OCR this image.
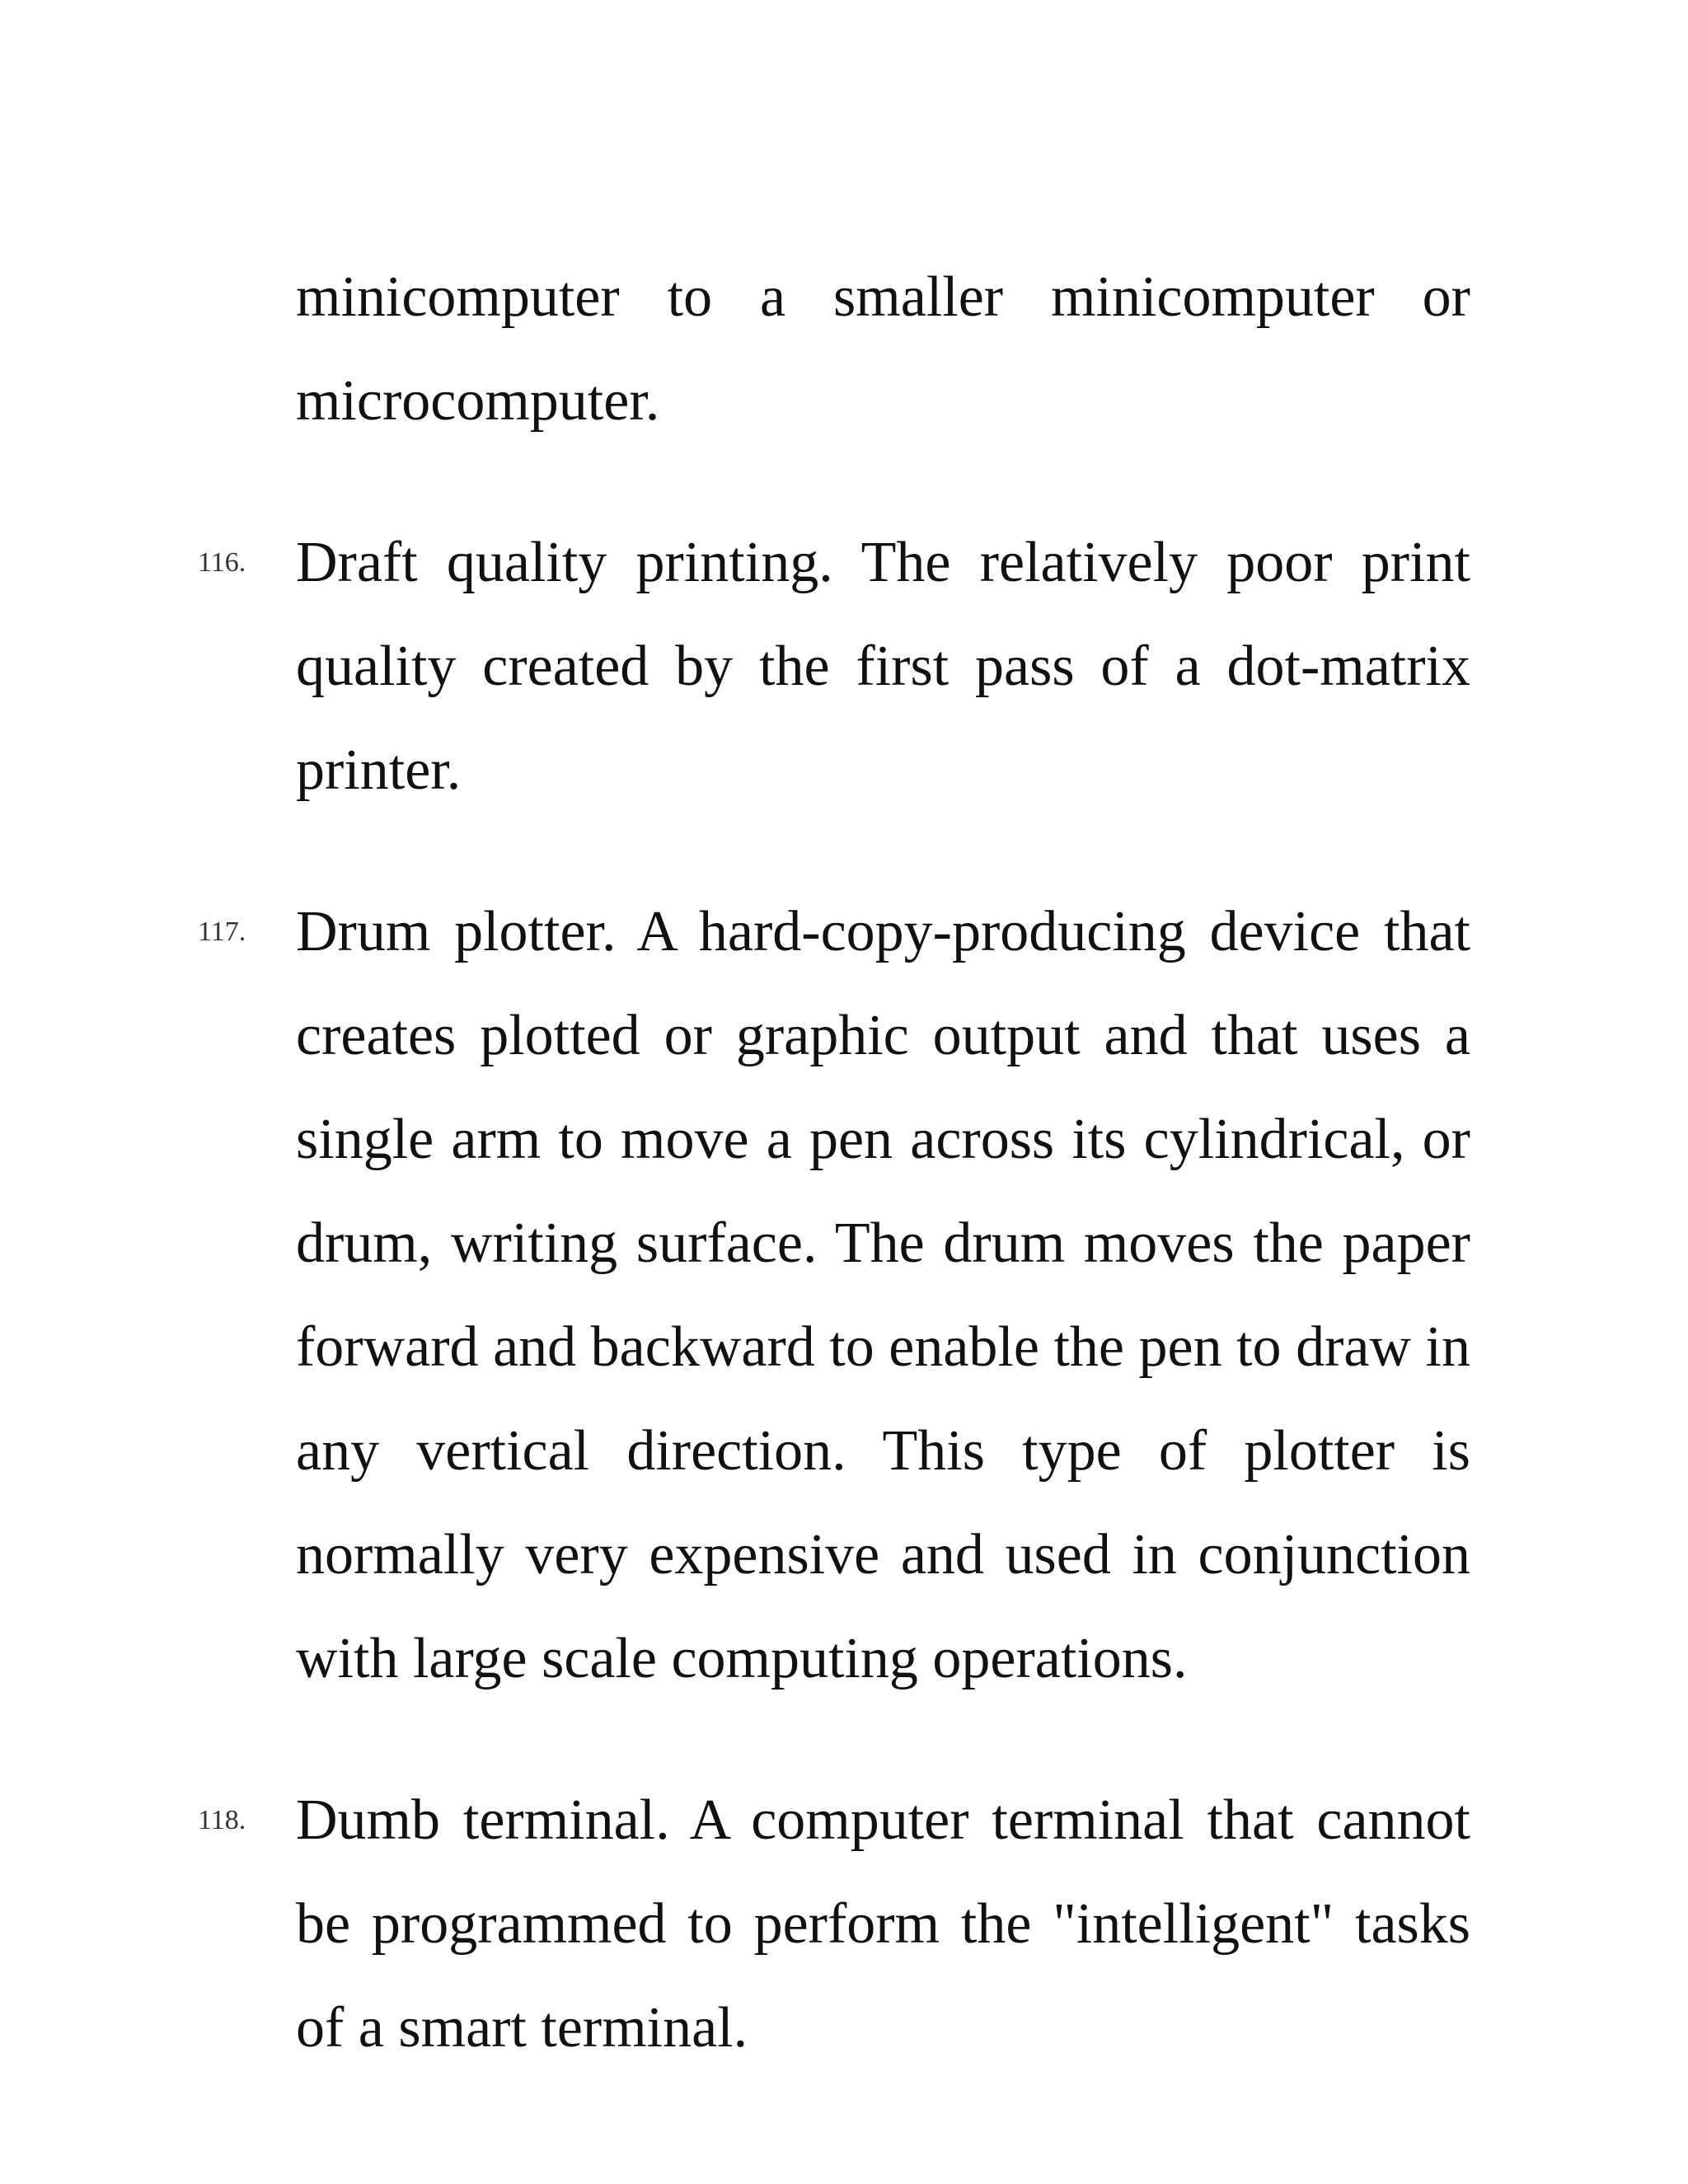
minicomputer to a smaller minicomputer or microcomputer.

116. Draft quality printing. The relatively poor print quality created by the first pass of a dot-matrix printer.

117. Drum plotter. A hard-copy-producing device that creates plotted or graphic output and that uses a single arm to move a pen across its cylindrical, or drum, writing surface. The drum moves the paper forward and backward to enable the pen to draw in any vertical direction. This type of plotter is normally very expensive and used in conjunction with large scale computing operations.

118. Dumb terminal. A computer terminal that cannot be programmed to perform the "intelligent" tasks of a smart terminal.
